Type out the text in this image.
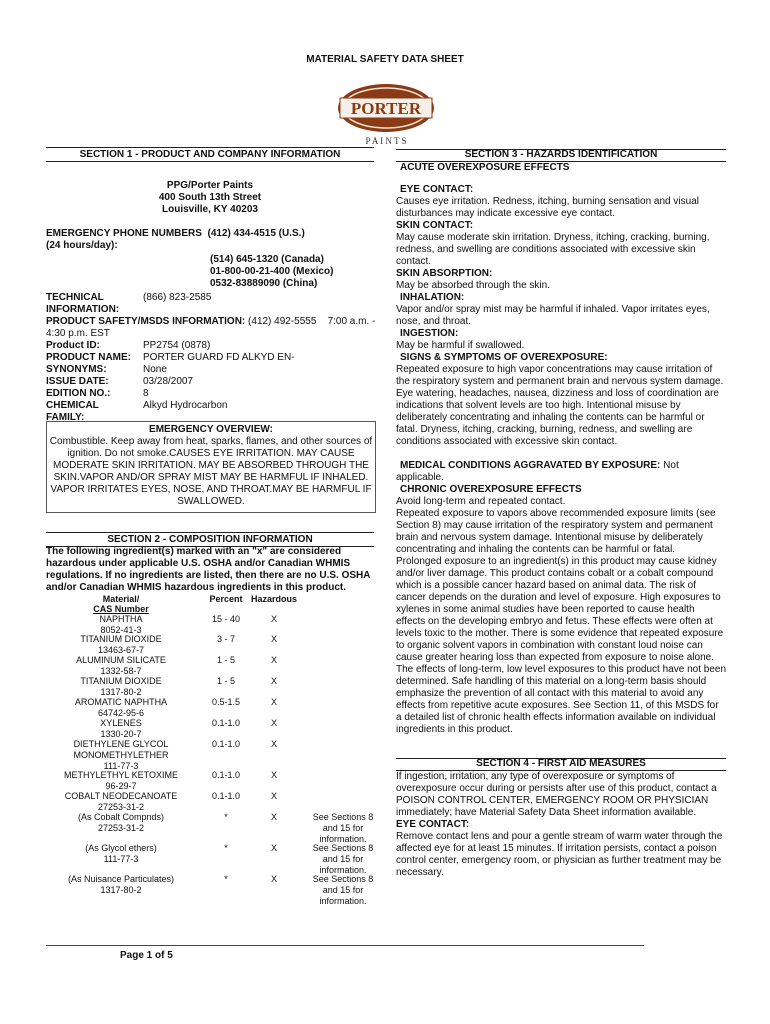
MATERIAL SAFETY DATA SHEET
PORTER
P A I N T S
SECTION 1 - PRODUCT AND COMPANY INFORMATION
PPG/Porter Paints
400 South 13th Street
Louisville, KY 40203
EMERGENCY PHONE NUMBERS (412) 434-4515 (U.S.)
(24 hours/day):
(514) 645-1320 (Canada)
01-800-00-21-400 (Mexico)
0532-83889090 (China)
TECHNICAL INFORMATION:
(866) 823-2585
PRODUCT SAFETY/MSDS INFORMATION: (412) 492-5555 7:00 a.m. - 4:30 p.m. EST
Product ID:	PP2754 (0878)
PRODUCT NAME:	PORTER GUARD FD ALKYD EN-
SYNONYMS:	None
ISSUE DATE:	03/28/2007
EDITION NO.:	8
CHEMICAL FAMILY:
Alkyd Hydrocarbon
EMERGENCY OVERVIEW:
Combustible. Keep away from heat, sparks, flames, and other sources of ignition. Do not smoke.CAUSES EYE IRRITATION. MAY CAUSE MODERATE SKIN IRRITATION. MAY BE ABSORBED THROUGH THE SKIN.VAPOR AND/OR SPRAY MIST MAY BE HARMFUL IF INHALED. VAPOR IRRITATES EYES, NOSE, AND THROAT.MAY BE HARMFUL IF SWALLOWED.
SECTION 2 - COMPOSITION INFORMATION
The following ingredient(s) marked with an "x" are considered hazardous under applicable U.S. OSHA and/or Canadian WHMIS regulations. If no ingredients are listed, then there are no U.S. OSHA and/or Canadian WHMIS hazardous ingredients in this product.
Material/	Percent Hazardous
CAS Number
NAPHTHA
8052-41-3
15 - 40	X
TITANIUM DIOXIDE
13463-67-7
3 - 7	X
ALUMINUM SILICATE
1332-58-7
1 - 5	X
TITANIUM DIOXIDE
1317-80-2
1 - 5	X
AROMATIC NAPHTHA
64742-95-6
0.5-1.5	X
XYLENES
1330-20-7
0.1-1.0	X
DIETHYLENE GLYCOL MONOMETHYLETHER
111-77-3
0.1-1.0	X
METHYLETHYL KETOXIME
96-29-7
0.1-1.0	X
COBALT NEODECANOATE
27253-31-2
0.1-1.0	X
(As Cobalt Compnds)
27253-31-2
*	X	See Sections 8 and 15 for information.
(As Glycol ethers)
111-77-3
*	X	See Sections 8 and 15 for information.
(As Nuisance Particulates)
1317-80-2
*	X	See Sections 8 and 15 for information.
SECTION 3 - HAZARDS IDENTIFICATION
ACUTE OVEREXPOSURE EFFECTS
EYE CONTACT:
Causes eye irritation. Redness, itching, burning sensation and visual disturbances may indicate excessive eye contact.
SKIN CONTACT:
May cause moderate skin irritation. Dryness, itching, cracking, burning, redness, and swelling are conditions associated with excessive skin contact.
SKIN ABSORPTION:
May be absorbed through the skin.
INHALATION:
Vapor and/or spray mist may be harmful if inhaled. Vapor irritates eyes, nose, and throat.
INGESTION:
May be harmful if swallowed.
SIGNS & SYMPTOMS OF OVEREXPOSURE:
Repeated exposure to high vapor concentrations may cause irritation of the respiratory system and permanent brain and nervous system damage. Eye watering, headaches, nausea, dizziness and loss of coordination are indications that solvent levels are too high. Intentional misuse by deliberately concentrating and inhaling the contents can be harmful or fatal. Dryness, itching, cracking, burning, redness, and swelling are conditions associated with excessive skin contact.
MEDICAL CONDITIONS AGGRAVATED BY EXPOSURE: Not applicable.
CHRONIC OVEREXPOSURE EFFECTS
Avoid long-term and repeated contact.
Repeated exposure to vapors above recommended exposure limits (see Section 8) may cause irritation of the respiratory system and permanent brain and nervous system damage. Intentional misuse by deliberately concentrating and inhaling the contents can be harmful or fatal.
Prolonged exposure to an ingredient(s) in this product may cause kidney and/or liver damage. This product contains cobalt or a cobalt compound which is a possible cancer hazard based on animal data. The risk of cancer depends on the duration and level of exposure. High exposures to xylenes in some animal studies have been reported to cause health effects on the developing embryo and fetus. These effects were often at levels toxic to the mother. There is some evidence that repeated exposure to organic solvent vapors in combination with constant loud noise can cause greater hearing loss than expected from exposure to noise alone.
The effects of long-term, low level exposures to this product have not been determined. Safe handling of this material on a long-term basis should emphasize the prevention of all contact with this material to avoid any effects from repetitive acute exposures. See Section 11, of this MSDS for a detailed list of chronic health effects information available on individual ingredients in this product.
SECTION 4 - FIRST AID MEASURES
If ingestion, irritation, any type of overexposure or symptoms of overexposure occur during or persists after use of this product, contact a POISON CONTROL CENTER, EMERGENCY ROOM OR PHYSICIAN immediately; have Material Safety Data Sheet information available.
EYE CONTACT:
Remove contact lens and pour a gentle stream of warm water through the affected eye for at least 15 minutes. If irritation persists, contact a poison control center, emergency room, or physician as further treatment may be necessary.
Page 1 of 5
